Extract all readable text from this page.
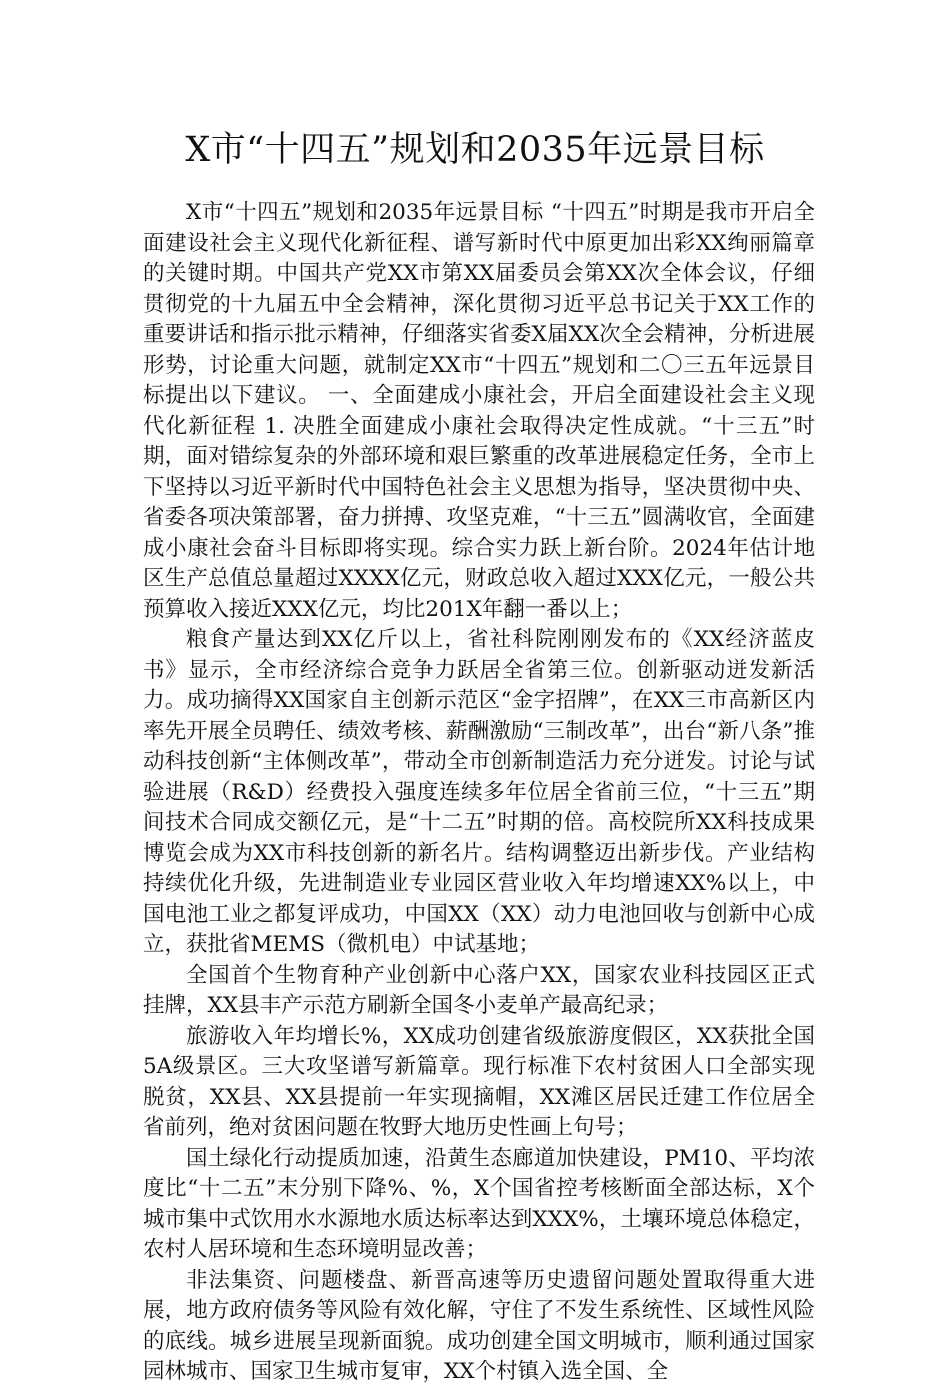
X市“十四五”规划和2035年远景目标

X市“十四五”规划和2035年远景目标 “十四五”时期是我市开启全面建设社会主义现代化新征程、谱写新时代中原更加出彩XX绚丽篇章的关键时期。中国共产党XX市第XX届委员会第XX次全体会议，仔细贯彻党的十九届五中全会精神，深化贯彻习近平总书记关于XX工作的重要讲话和指示批示精神，仔细落实省委X届XX次全会精神，分析进展形势，讨论重大问题，就制定XX市“十四五”规划和二〇三五年远景目标提出以下建议。 一、全面建成小康社会，开启全面建设社会主义现代化新征程 1. 决胜全面建成小康社会取得决定性成就。“十三五”时期，面对错综复杂的外部环境和艰巨繁重的改革进展稳定任务，全市上下坚持以习近平新时代中国特色社会主义思想为指导，坚决贯彻中央、省委各项决策部署，奋力拼搏、攻坚克难，“十三五”圆满收官，全面建成小康社会奋斗目标即将实现。综合实力跃上新台阶。2024年估计地区生产总值总量超过XXXX亿元，财政总收入超过XXX亿元，一般公共预算收入接近XXX亿元，均比201X年翻一番以上；

粮食产量达到XX亿斤以上，省社科院刚刚发布的《XX经济蓝皮书》显示，全市经济综合竞争力跃居全省第三位。创新驱动迸发新活力。成功摘得XX国家自主创新示范区“金字招牌”，在XX三市高新区内率先开展全员聘任、绩效考核、薪酬激励“三制改革”，出台“新八条”推动科技创新“主体侧改革”，带动全市创新制造活力充分迸发。讨论与试验进展（R&D）经费投入强度连续多年位居全省前三位，“十三五”期间技术合同成交额亿元，是“十二五”时期的倍。高校院所XX科技成果博览会成为XX市科技创新的新名片。结构调整迈出新步伐。产业结构持续优化升级，先进制造业专业园区营业收入年均增速XX%以上，中国电池工业之都复评成功，中国XX（XX）动力电池回收与创新中心成立，获批省MEMS（微机电）中试基地；

全国首个生物育种产业创新中心落户XX，国家农业科技园区正式挂牌，XX县丰产示范方刷新全国冬小麦单产最高纪录；

旅游收入年均增长%，XX成功创建省级旅游度假区，XX获批全国5A级景区。三大攻坚谱写新篇章。现行标准下农村贫困人口全部实现脱贫，XX县、XX县提前一年实现摘帽，XX滩区居民迁建工作位居全省前列，绝对贫困问题在牧野大地历史性画上句号；

国土绿化行动提质加速，沿黄生态廊道加快建设，PM10、平均浓度比“十二五”末分别下降%、%，X个国省控考核断面全部达标，X个城市集中式饮用水水源地水质达标率达到XXX%，土壤环境总体稳定，农村人居环境和生态环境明显改善；

非法集资、问题楼盘、新晋高速等历史遗留问题处置取得重大进展，地方政府债务等风险有效化解，守住了不发生系统性、区域性风险的底线。城乡进展呈现新面貌。成功创建全国文明城市，顺利通过国家园林城市、国家卫生城市复审，XX个村镇入选全国、全
